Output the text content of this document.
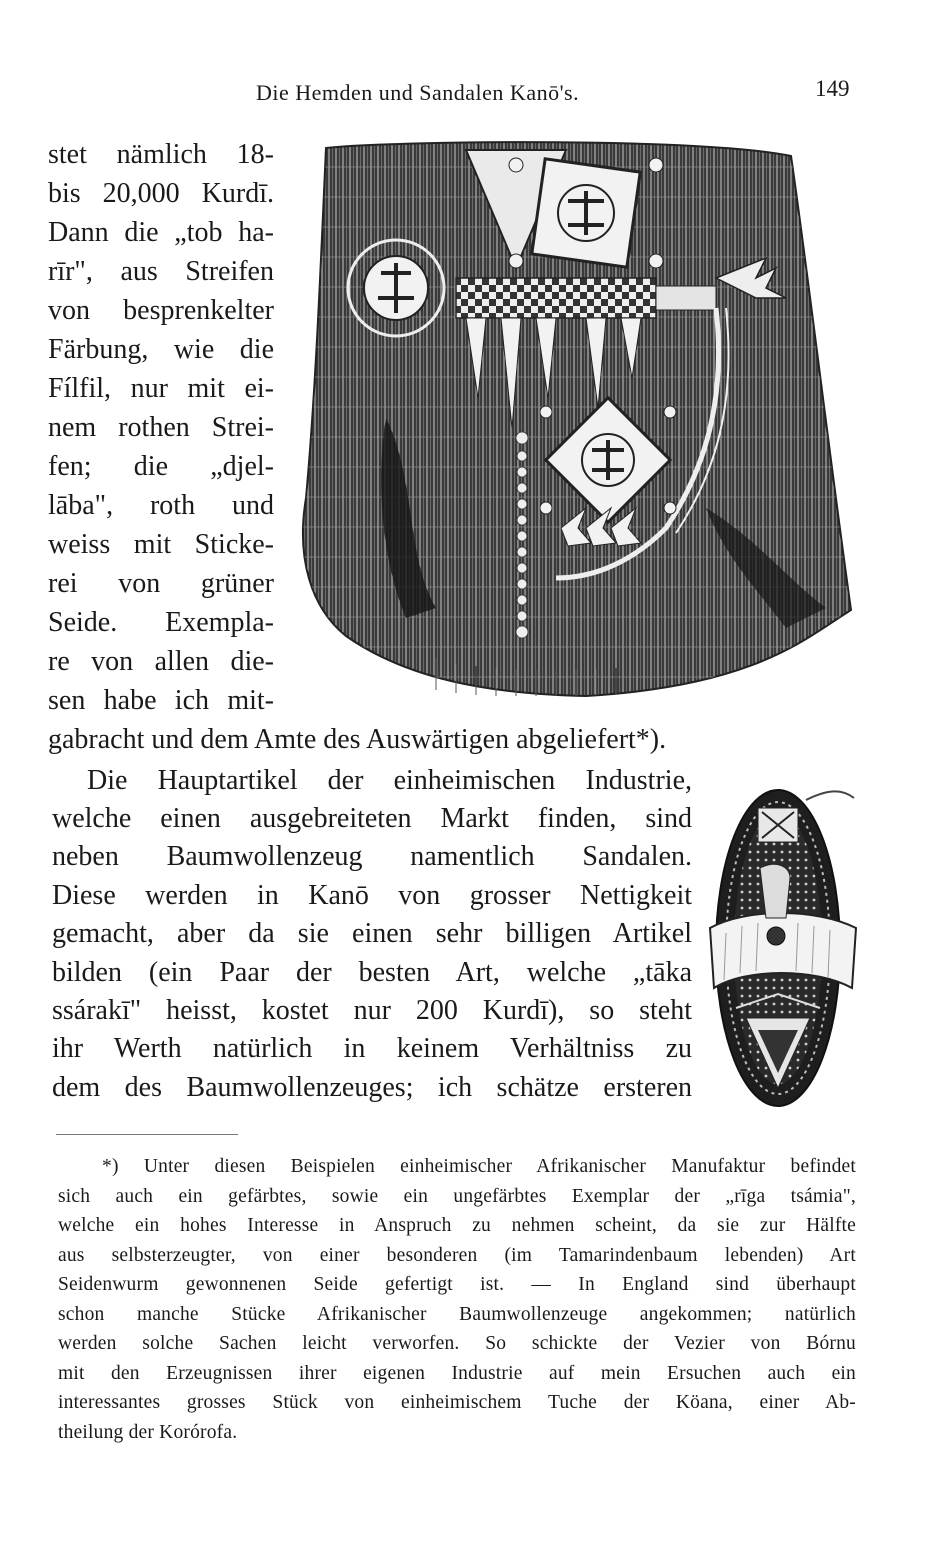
Die Hemden und Sandalen Kanō's.	149
stet nämlich 18-
bis 20,000 Kurdī.
Dann die „tob ha-
rīr", aus Streifen
von besprenkelter
Färbung, wie die
Fílfil, nur mit ei-
nem rothen Strei-
fen; die „djel-
lāba", roth und
weiss mit Sticke-
rei von grüner
Seide. Exempla-
re von allen die-
sen habe ich mit-
gabracht und dem Amte des Auswärtigen abgeliefert*).
Die Hauptartikel der einheimischen Industrie,
welche einen ausgebreiteten Markt finden, sind
neben Baumwollenzeug namentlich Sandalen.
Diese werden in Kanō von grosser Nettigkeit
gemacht, aber da sie einen sehr billigen Artikel
bilden (ein Paar der besten Art, welche „tāka
ssárakī" heisst, kostet nur 200 Kurdī), so steht
ihr Werth natürlich in keinem Verhältniss zu
dem des Baumwollenzeuges; ich schätze ersteren
*) Unter diesen Beispielen einheimischer Afrikanischer Manufaktur befindet
sich auch ein gefärbtes, sowie ein ungefärbtes Exemplar der „rīga tsámia",
welche ein hohes Interesse in Anspruch zu nehmen scheint, da sie zur Hälfte
aus selbsterzeugter, von einer besonderen (im Tamarindenbaum lebenden) Art
Seidenwurm gewonnenen Seide gefertigt ist. — In England sind überhaupt
schon manche Stücke Afrikanischer Baumwollenzeuge angekommen; natürlich
werden solche Sachen leicht verworfen. So schickte der Vezier von Bórnu
mit den Erzeugnissen ihrer eigenen Industrie auf mein Ersuchen auch ein
interessantes grosses Stück von einheimischem Tuche der Köana, einer Ab-
theilung der Korórofa.
